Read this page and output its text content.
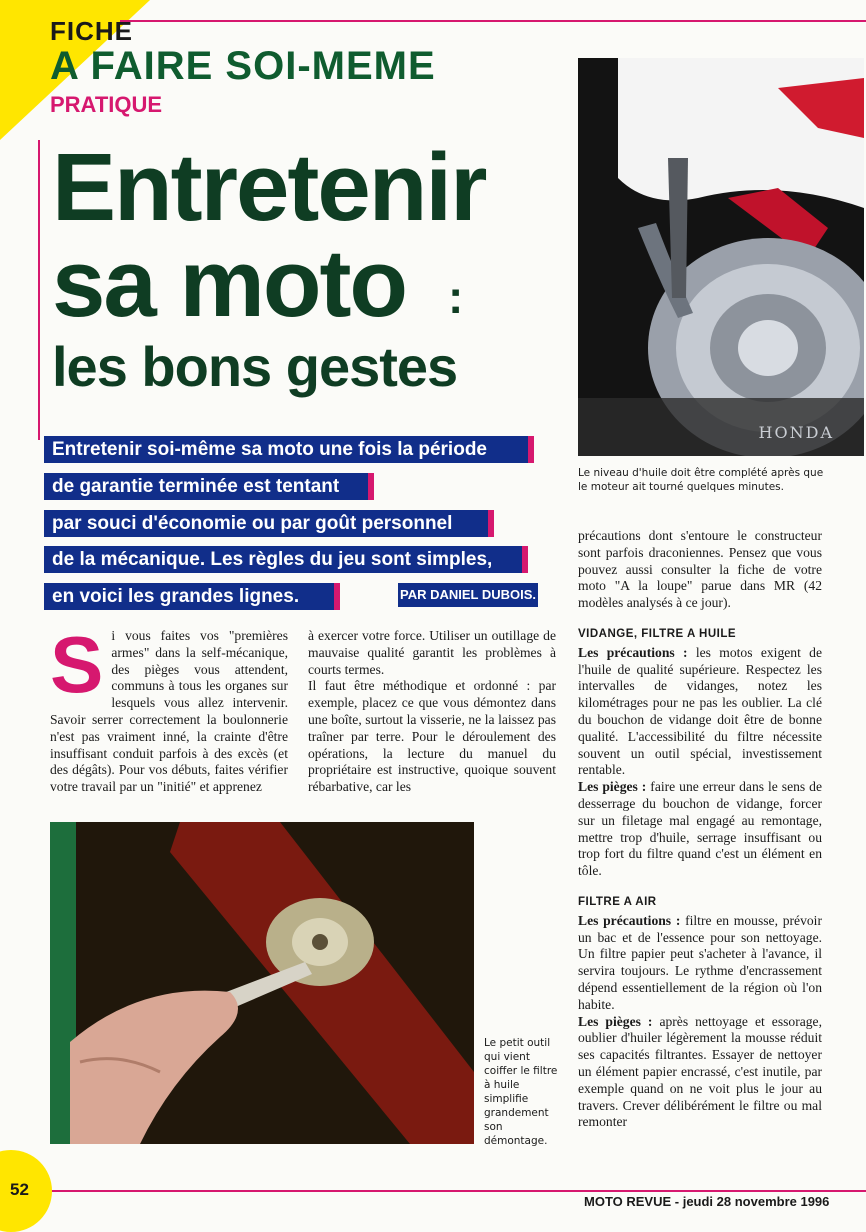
FICHE
A FAIRE SOI-MEME
PRATIQUE
Entretenir
sa moto :
les bons gestes
Entretenir soi-même sa moto une fois la période
de garantie terminée est tentant
par souci d'économie ou par goût personnel
de la mécanique. Les règles du jeu sont simples,
en voici les grandes lignes.	PAR DANIEL DUBOIS.
HONDA
Le niveau d'huile doit être complété après que le moteur ait tourné quelques minutes.
S i vous faites vos "premières armes" dans la self-mécanique, des pièges vous attendent, communs à tous les organes sur lesquels vous allez intervenir. Savoir serrer correctement la boulonnerie n'est pas vraiment inné, la crainte d'être insuffisant conduit parfois à des excès (et des dégâts). Pour vos débuts, faites vérifier votre travail par un "initié" et apprenez

à exercer votre force. Utiliser un outillage de mauvaise qualité garantit les problèmes à courts termes.

Il faut être méthodique et ordonné : par exemple, placez ce que vous démontez dans une boîte, surtout la visserie, ne la laissez pas traîner par terre. Pour le déroulement des opérations, la lecture du manuel du propriétaire est instructive, quoique souvent rébarbative, car les

Le petit outil qui vient coiffer le filtre à huile simplifie grandement son démontage.

précautions dont s'entoure le constructeur sont parfois draconiennes. Pensez que vous pouvez aussi consulter la fiche de votre moto "A la loupe" parue dans MR (42 modèles analysés à ce jour).

VIDANGE, FILTRE A HUILE

Les précautions : les motos exigent de l'huile de qualité supérieure. Respectez les intervalles de vidanges, notez les kilométrages pour ne pas les oublier. La clé du bouchon de vidange doit être de bonne qualité. L'accessibilité du filtre nécessite souvent un outil spécial, investissement rentable.

Les pièges : faire une erreur dans le sens de desserrage du bouchon de vidange, forcer sur un filetage mal engagé au remontage, mettre trop d'huile, serrage insuffisant ou trop fort du filtre quand c'est un élément en tôle.

FILTRE A AIR

Les précautions : filtre en mousse, prévoir un bac et de l'essence pour son nettoyage. Un filtre papier peut s'acheter à l'avance, il servira toujours. Le rythme d'encrassement dépend essentiellement de la région où l'on habite.

Les pièges : après nettoyage et essorage, oublier d'huiler légèrement la mousse réduit ses capacités filtrantes. Essayer de nettoyer un élément papier encrassé, c'est inutile, par exemple quand on ne voit plus le jour au travers. Crever délibérément le filtre ou mal remonter

52
MOTO REVUE - jeudi 28 novembre 1996
